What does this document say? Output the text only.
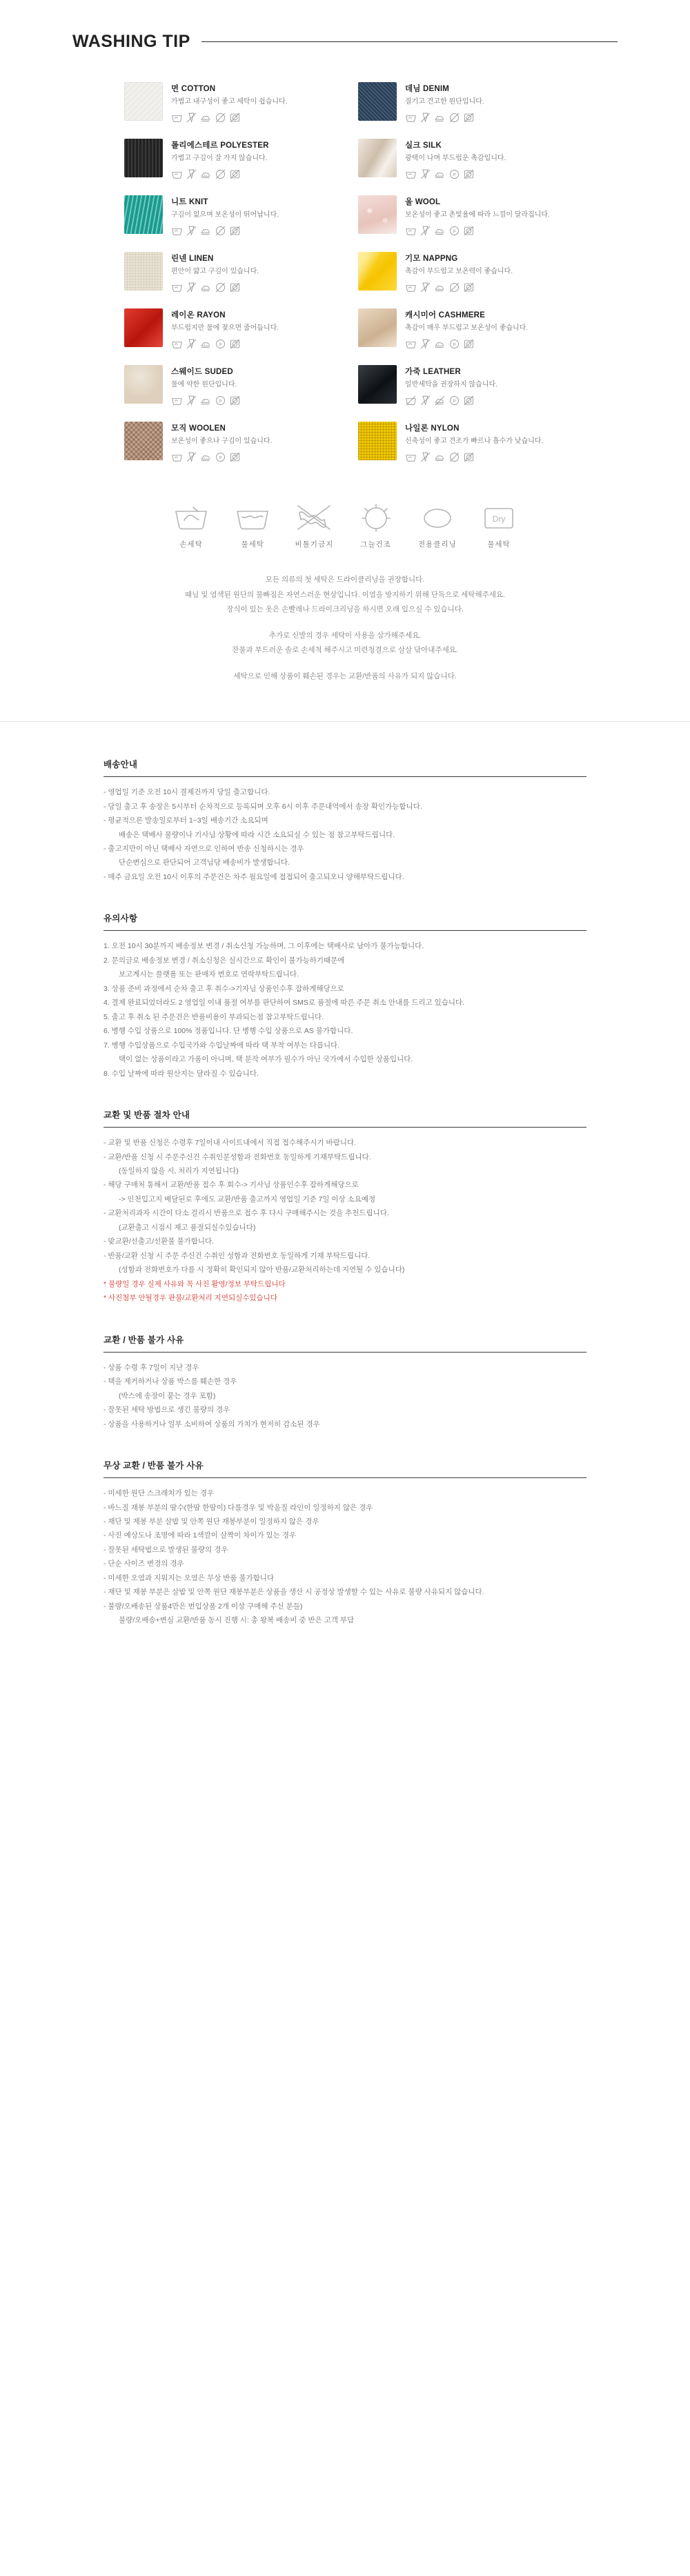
WASHING TIP
면 COTTON
가볍고 내구성이 좋고 세탁이 쉽습니다.
데님 DENIM
질기고 견고한 원단입니다.
폴리에스테르 POLYESTER
가볍고 구김이 잘 가지 않습니다.
실크 SILK
광택이 나며 부드럽운 촉감입니다.
P
니트 KNIT
구김이 없으며 보온성이 뛰어납니다.
울 WOOL
보온성이 좋고 촌빛율에 따라 느낌이 달라집니다.
P
린넨 LINEN
편안이 얇고 구김이 있습니다.
기모 NAPPNG
촉감이 부드럽고 보온력이 좋습니다.
레이온 RAYON
부드럽지만 물에 젖으면 줄어듭니다.
P
캐시미어 CASHMERE
촉감이 매우 부드럽고 보온성이 좋습니다.
P
스웨이드 SUDED
물에 약한 원단입니다.
P
가죽 LEATHER
일반세탁을 권장하지 않습니다.
P
모직 WOOLEN
보온성이 좋으나 구김이 있습니다.
P
나일론 NYLON
신축성이 좋고 견조가 빠르나 흡수가 낮습니다.
손세탁	물세탁	비틀기금지	그늘건조	전용클리닝
Dry
물세탁
모든 의류의 첫 세탁은 드라이클리닝을 권장합니다.
때님 및 염색된 원단의 물빠짐은 자연스러운 현상입니다. 이염을 방지하기 위해 단독으로 세탁해주세요.
장식이 있는 옷은 손빨래나 드라이크리닝을 하시면 오래 입으실 수 있습니다.
추가로 신발의 경우 세탁이 사용을 삼가해주세요.
잔물과 부드러운 솔로 손세척 해주시고 미련청결으로 살살 닦아내주세요.
세탁으로 인해 상품이 훼손된 경우는 교환/반품의 사유가 되지 않습니다.
배송안내
- 영업일 기준 오전 10시 결제건까지 당일 출고합니다.
- 당일 출고 후 송장은 5시부터 순차적으로 등록되며 오후 6시 이후 주문내역에서 송장 확인가능합니다.
- 평균적으론 발송일로부터 1~3일 배송기간 소요되며
배송은 택배사 물량이나 기사님 상황에 따라 시간 소요되실 수 있는 점 참고부탁드립니다.
- 출고지만이 아닌 택배사 자연으로 인하여 반송 신청하시는 경우
단순변심으로 판단되어 고객님당 배송비가 발생합니다.
- 매주 금요일 오전 10시 이후의 주문건은 차주 월요일에 접접되어 출고되오니 양해부탁드립니다.
유의사항
1. 오전 10시 30분까지 배송정보 변경 / 취소신청 가능하며, 그 이후에는 택배사로 남아가 불가능합니다.
2. 문의글로 배송정보 변경 / 취소신청은 실시간으로 확인이 불가능하기때문에
보고계시는 플랫폼 또는 판매자 번호로 연락부탁드립니다.
3. 상품 준비 과정에서 순차 출고 후 취수->기자님 상품인수후 잡하게해당으로
4. 결제 완료되었더라도 2 영업일 이내 품절 여부를 판단하여 SMS로 품절에 따른 주문 취소 안내를 드리고 있습니다.
5. 출고 후 취소 된 주문건은 반품비용이 부과되는점 참고부탁드립니다.
6. 병행 수입 상품으로 100% 정품입니다. 단 병행 수입 상품으로 AS 불가합니다.
7. 병행 수입상품으로 수입국가와 수입날짜에 따라 택 부착 여부는 다릅니다.
택이 없는 상품이라고 가품이 아니며, 택 분작 여부가 필수가 아닌 국가에서 수입한 상품입니다.
8. 수입 날짜에 따라 원산지는 달라질 수 있습니다.
교환 및 반품 절차 안내
- 교환 및 반품 신청은 수령후 7일이내 사이트내에서 직접 접수해주시기 바랍니다.
- 교환/반품 신청 시 주문주신건 수취인분성함과 전화번호 동일하게 기재부탁드립니다.
(동일하지 않을 시, 처리가 지연됩니다)
- 해당 구매처 통해서 교환/반품 접수 후 회수-> 기사님 상품인수후 잡하게해당으로
-> 인천입고지 배달된로 후에도 교환/반품 출고까지 영업일 기준 7일 이상 소요예정
- 교환처리과자 시간이 다소 걸리시 반품으로 접수 후 다시 구매해주시는 것을 추천드립니다.
(교환출고 시점시 재고 품절되실수있습니다)
- 맞교환/선출고/선환불 불가합니다.
- 반품/교환 신청 시 주문 주신건 수취인 성함과 전화번호 동일하게 기재 부탁드립니다.
(성함과 전화번호가 다를 시 정확히 확인되지 않아 반품/교환처리하는데 지연될 수 있습니다)
* 불량일 경우 실제 사유와 꼭 사진 활영/정보 부탁드립니다
* 사진첨부 안될경우 판불/교환처리 지연되실수있습니다
교환 / 반품 불가 사유
- 상품 수령 후 7일이 지난 경우
- 택을 제거하거나 상품 박스를 훼손한 경우
(박스에 송장이 붙는 경우 포함)
- 잘못된 세탁 방법으로 생긴 불량의 경우
- 상품을 사용하거나 일부 소비하여 상품의 가치가 현저히 감소된 경우
무상 교환 / 반품 불가 사유
- 미세한 원단 스크래치가 있는 경우
- 바느질 재봉 부분의 땀수(한땀 한땀이) 다를경우 및 박음질 라인이 일정하지 않은 경우
- 재단 및 제봉 부분 살밥 및 안쪽 원단 재봉부분이 일정하지 않은 경우
- 사진 예상도나 조명에 따라 1색깔이 살짝이 차이가 있는 경우
- 잘못된 세탁법으로 발생된 불량의 경우
- 단순 사이즈 변경의 경우
- 미세한 오염과 지워지는 오염은 무상 반품 불가합니다
- 재단 및 재봉 부분은 살밥 및 안쪽 원단 재봉부분은 상품을 생산 시 공정상 발생할 수 있는 사유로 불량 사유되지 않습니다.
- 불량/오배송된 상품4만은 번입상품 2개 이상 구매해 주신 분들)
불량/오배송+변심 교환/반품 동시 진행 시: 총 왕복 배송비 중 반은 고객 부담
